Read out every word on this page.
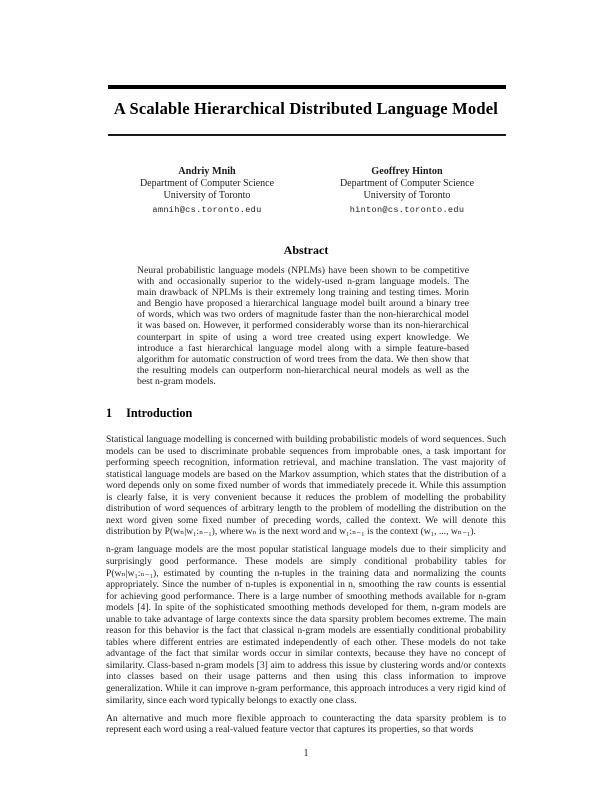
A Scalable Hierarchical Distributed Language Model
Andriy Mnih
Department of Computer Science
University of Toronto
amnih@cs.toronto.edu
Geoffrey Hinton
Department of Computer Science
University of Toronto
hinton@cs.toronto.edu
Abstract

Neural probabilistic language models (NPLMs) have been shown to be competitive with and occasionally superior to the widely-used n-gram language models. The main drawback of NPLMs is their extremely long training and testing times. Morin and Bengio have proposed a hierarchical language model built around a binary tree of words, which was two orders of magnitude faster than the non-hierarchical model it was based on. However, it performed considerably worse than its non-hierarchical counterpart in spite of using a word tree created using expert knowledge. We introduce a fast hierarchical language model along with a simple feature-based algorithm for automatic construction of word trees from the data. We then show that the resulting models can outperform non-hierarchical neural models as well as the best n-gram models.

1 Introduction

Statistical language modelling is concerned with building probabilistic models of word sequences. Such models can be used to discriminate probable sequences from improbable ones, a task important for performing speech recognition, information retrieval, and machine translation. The vast majority of statistical language models are based on the Markov assumption, which states that the distribution of a word depends only on some fixed number of words that immediately precede it. While this assumption is clearly false, it is very convenient because it reduces the problem of modelling the probability distribution of word sequences of arbitrary length to the problem of modelling the distribution on the next word given some fixed number of preceding words, called the context. We will denote this distribution by P(wₙ|w₁:ₙ₋₁), where wₙ is the next word and w₁:ₙ₋₁ is the context (w₁, ..., wₙ₋₁).

n-gram language models are the most popular statistical language models due to their simplicity and surprisingly good performance. These models are simply conditional probability tables for P(wₙ|w₁:ₙ₋₁), estimated by counting the n-tuples in the training data and normalizing the counts appropriately. Since the number of n-tuples is exponential in n, smoothing the raw counts is essential for achieving good performance. There is a large number of smoothing methods available for n-gram models [4]. In spite of the sophisticated smoothing methods developed for them, n-gram models are unable to take advantage of large contexts since the data sparsity problem becomes extreme. The main reason for this behavior is the fact that classical n-gram models are essentially conditional probability tables where different entries are estimated independently of each other. These models do not take advantage of the fact that similar words occur in similar contexts, because they have no concept of similarity. Class-based n-gram models [3] aim to address this issue by clustering words and/or contexts into classes based on their usage patterns and then using this class information to improve generalization. While it can improve n-gram performance, this approach introduces a very rigid kind of similarity, since each word typically belongs to exactly one class.

An alternative and much more flexible approach to counteracting the data sparsity problem is to represent each word using a real-valued feature vector that captures its properties, so that words

1
